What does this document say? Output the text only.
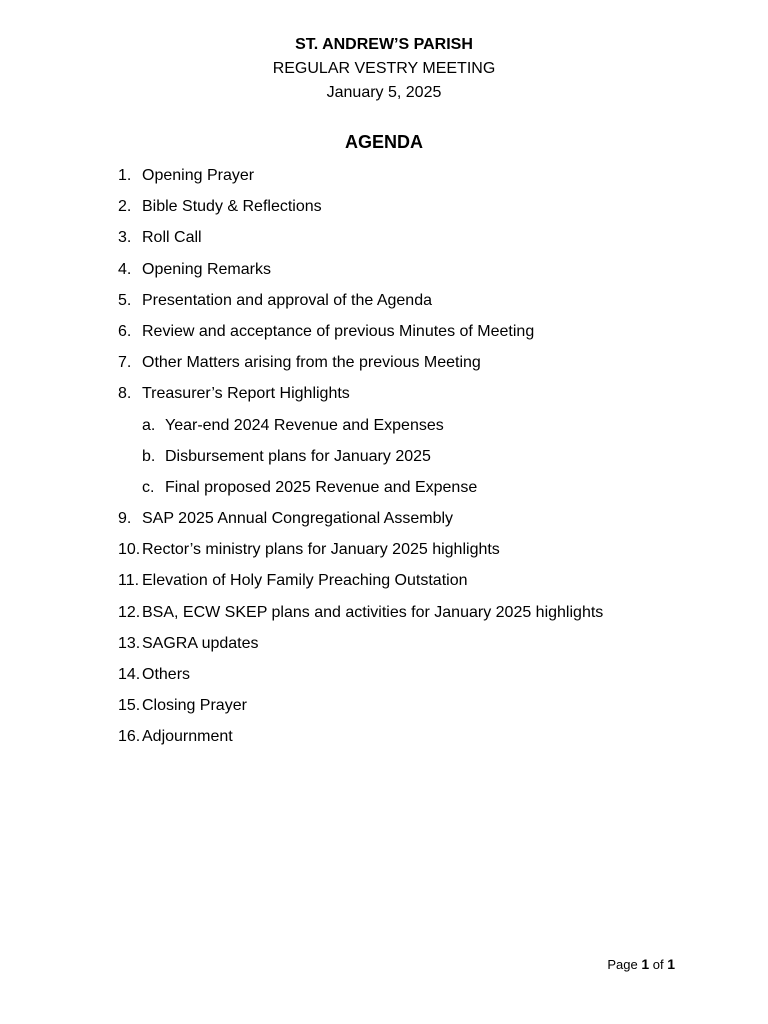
ST. ANDREW’S PARISH
REGULAR VESTRY MEETING
January 5, 2025
AGENDA
1. Opening Prayer
2. Bible Study & Reflections
3. Roll Call
4. Opening Remarks
5. Presentation and approval of the Agenda
6. Review and acceptance of previous Minutes of Meeting
7. Other Matters arising from the previous Meeting
8. Treasurer’s Report Highlights
a. Year-end 2024 Revenue and Expenses
b. Disbursement plans for January 2025
c. Final proposed 2025 Revenue and Expense
9. SAP 2025 Annual Congregational Assembly
10. Rector’s ministry plans for January 2025 highlights
11. Elevation of Holy Family Preaching Outstation
12. BSA, ECW SKEP plans and activities for January 2025 highlights
13. SAGRA updates
14. Others
15. Closing Prayer
16. Adjournment
Page 1 of 1
